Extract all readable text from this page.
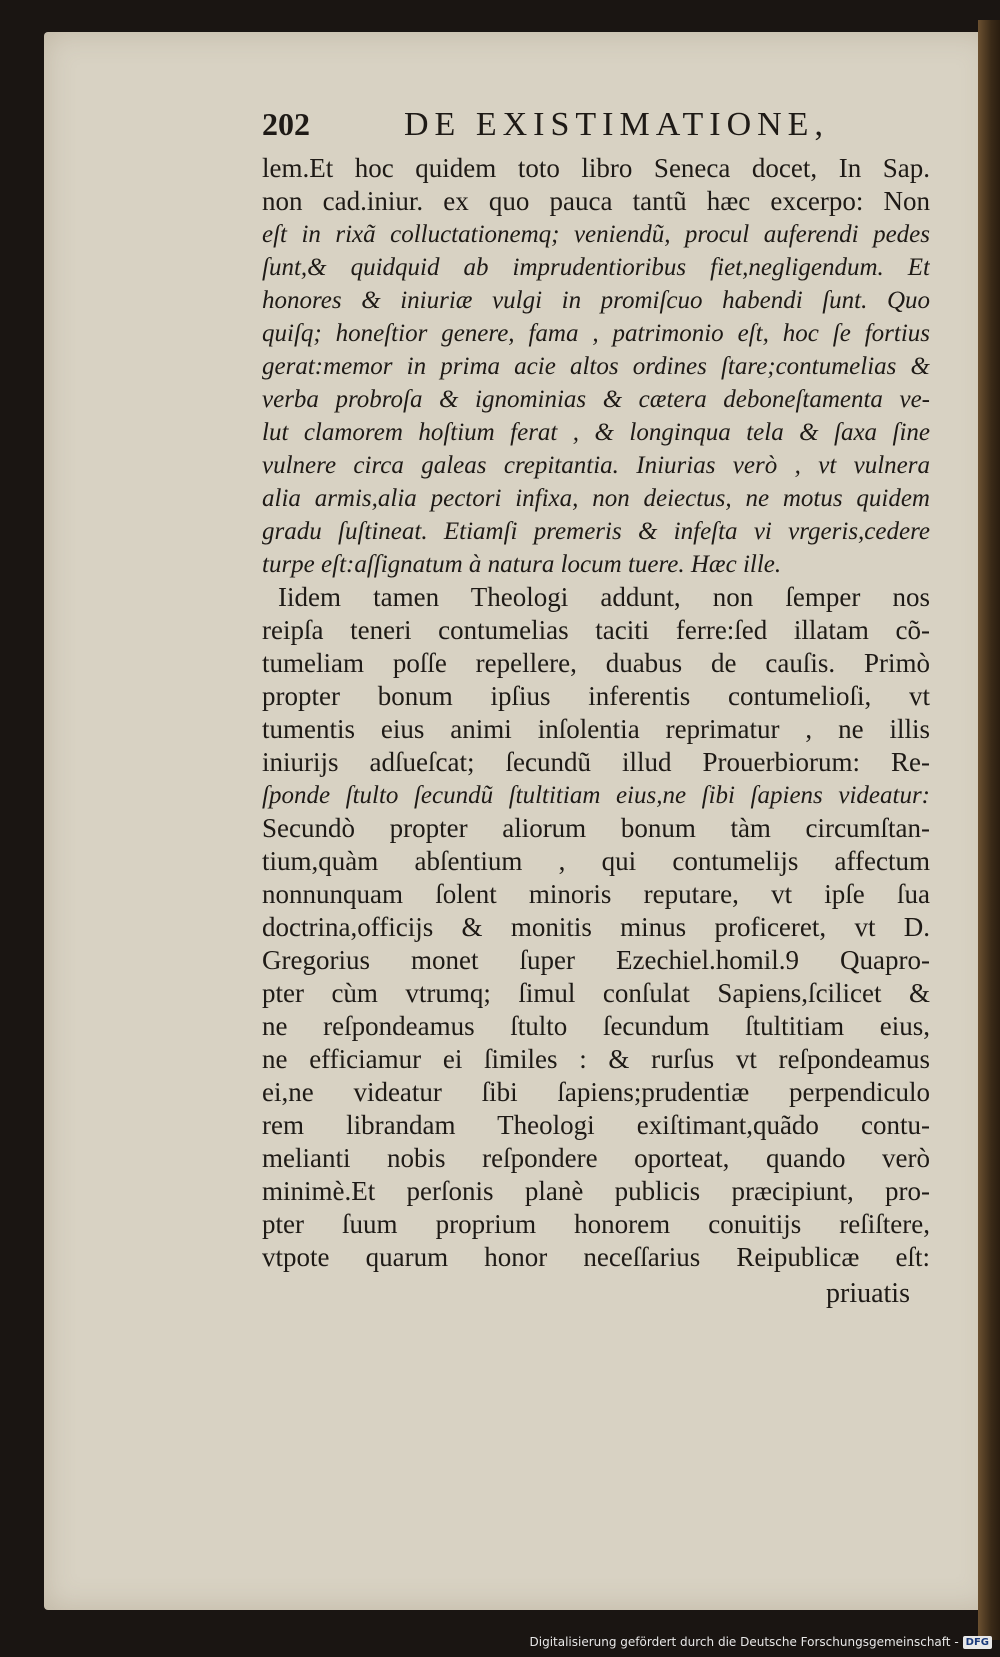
202	DE EXISTIMATIONE,
lem.Et hoc quidem toto libro Seneca docet, In Sap.
non cad.iniur. ex quo pauca tantũ hæc excerpo: Non
eſt in rixã colluctationemq; veniendũ, procul auferendi pedes
ſunt,& quidquid ab imprudentioribus fiet,negligendum. Et
honores & iniuriæ vulgi in promiſcuo habendi ſunt. Quo
quiſq; honeſtior genere, fama , patrimonio eſt, hoc ſe fortius
gerat:memor in prima acie altos ordines ſtare;contumelias &
verba probroſa & ignominias & cætera deboneſtamenta ve-
lut clamorem hoſtium ferat , & longinqua tela & ſaxa ſine
vulnere circa galeas crepitantia. Iniurias verò , vt vulnera
alia armis,alia pectori infixa, non deiectus, ne motus quidem
gradu ſuſtineat. Etiamſi premeris & infeſta vi vrgeris,cedere
turpe eſt:aſſignatum à natura locum tuere. Hæc ille.
Iidem tamen Theologi addunt, non ſemper nos
reipſa teneri contumelias taciti ferre:ſed illatam cõ-
tumeliam poſſe repellere, duabus de cauſis. Primò
propter bonum ipſius inferentis contumelioſi, vt
tumentis eius animi inſolentia reprimatur , ne illis
iniurijs adſueſcat; ſecundũ illud Prouerbiorum: Re-
ſponde ſtulto ſecundũ ſtultitiam eius,ne ſibi ſapiens videatur:
Secundò propter aliorum bonum tàm circumſtan-
tium,quàm abſentium , qui contumelijs affectum
nonnunquam ſolent minoris reputare, vt ipſe ſua
doctrina,officijs & monitis minus proficeret, vt D.
Gregorius monet ſuper Ezechiel.homil.9 Quapro-
pter cùm vtrumq; ſimul conſulat Sapiens,ſcilicet &
ne reſpondeamus ſtulto ſecundum ſtultitiam eius,
ne efficiamur ei ſimiles : & rurſus vt reſpondeamus
ei,ne videatur ſibi ſapiens;prudentiæ perpendiculo
rem librandam Theologi exiſtimant,quãdo contu-
melianti nobis reſpondere oporteat, quando verò
minimè.Et perſonis planè publicis præcipiunt, pro-
pter ſuum proprium honorem conuitijs reſiſtere,
vtpote quarum honor neceſſarius Reipublicæ eſt:
priuatis
Digitalisierung gefördert durch die Deutsche Forschungsgemeinschaft - DFG
